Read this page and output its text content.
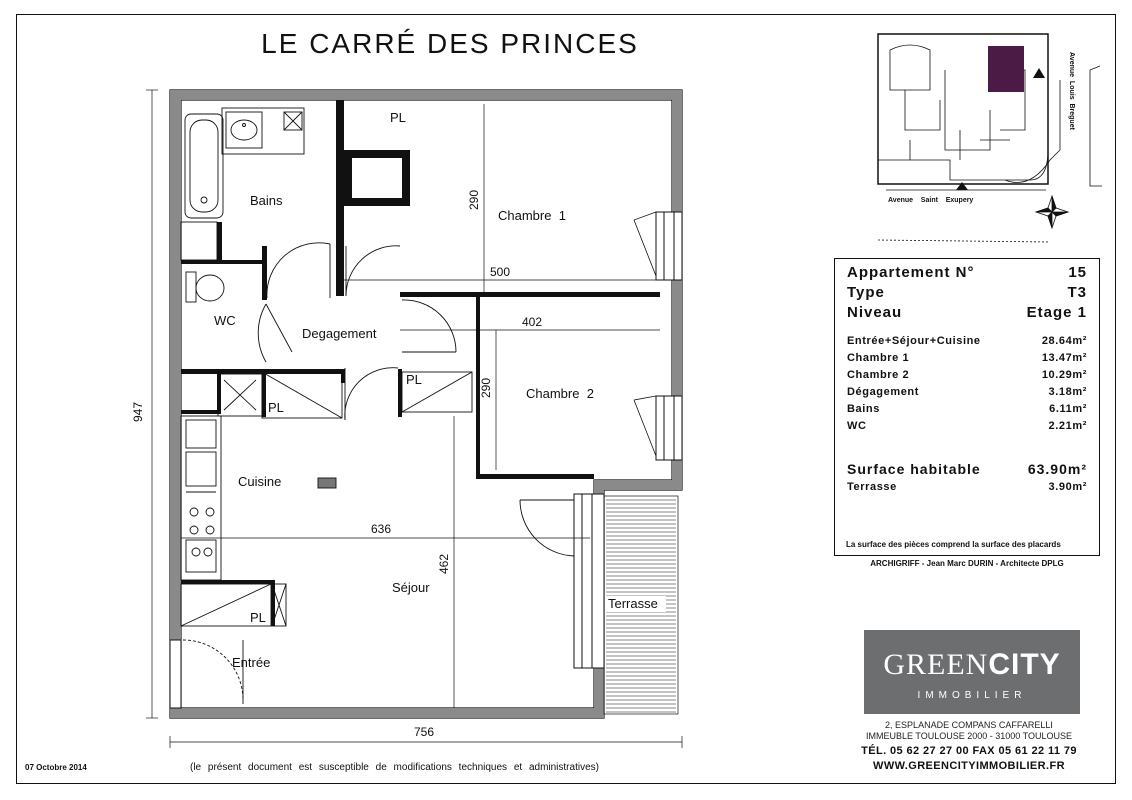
LE CARRÉ DES PRINCES
947
756
290
500
402
290
636
462
Bains
WC
Degagement
Chambre  1
Chambre  2
Cuisine
Séjour
Entrée
Terrasse
PL
PL
PL
PL
Avenue    Saint    Exupery
Avenue  Louis  Breguet
Appartement N°	15
Type	T3
Niveau	Etage 1
Entrée+Séjour+Cuisine	28.64m²
Chambre 1	13.47m²
Chambre 2	10.29m²
Dégagement	3.18m²
Bains	6.11m²
WC	2.21m²
Surface habitable	63.90m²
Terrasse	3.90m²
La surface des pièces comprend la surface des placards
ARCHIGRIFF - Jean Marc DURIN - Architecte DPLG
GREENCITY
IMMOBILIER
2, ESPLANADE COMPANS CAFFARELLI
IMMEUBLE TOULOUSE 2000 - 31000 TOULOUSE
TÉL. 05 62 27 27 00 FAX 05 61 22 11 79
WWW.GREENCITYIMMOBILIER.FR
07 Octobre 2014	(le présent document est susceptible de modifications techniques et administratives)
